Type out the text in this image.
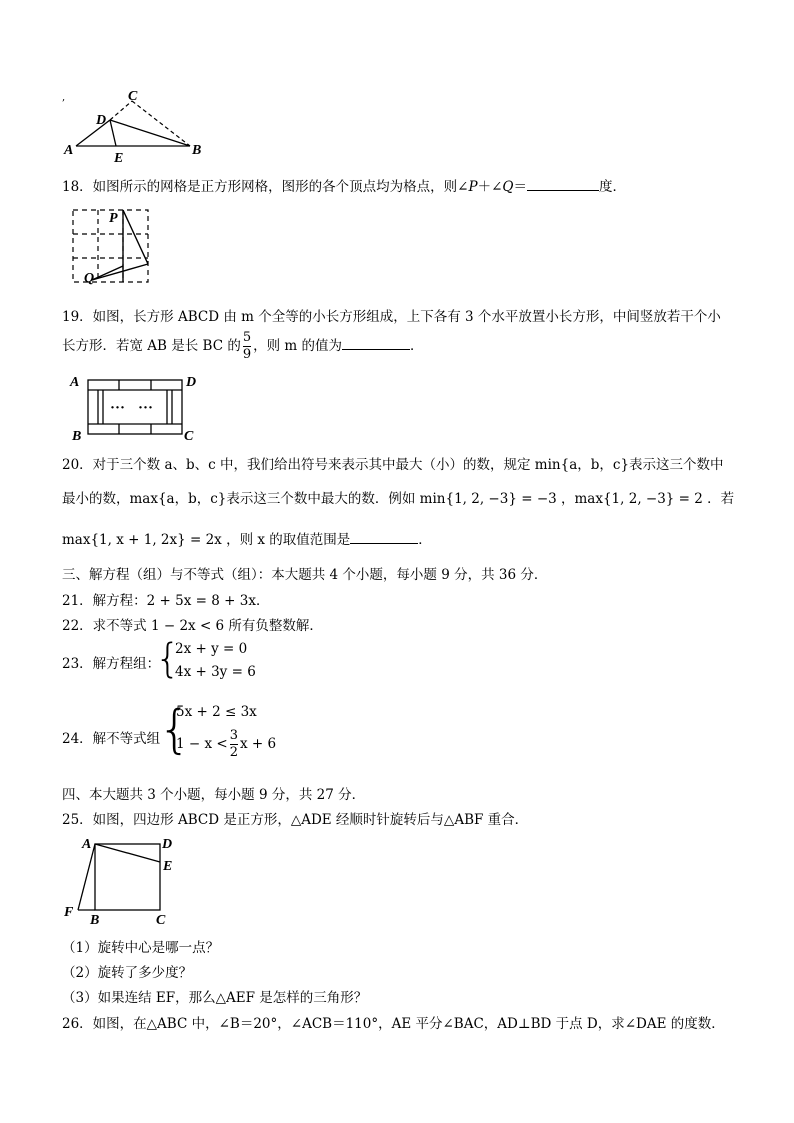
,	C
D
A
E
B
18．如图所示的网格是正方形网格，图形的各个顶点均为格点，则∠P＋∠Q＝	度．
P
Q
19．如图，长方形 ABCD 由 m 个全等的小长方形组成，上下各有 3 个水平放置小长方形，中间竖放若干个小
长方形．若宽 AB 是长 BC 的 $\frac{5}{9}$ ，则 m 的值为	．
··· ···
A	D
B	C
20．对于三个数 a、b、c 中，我们给出符号来表示其中最大（小）的数，规定 min{a，b，c}表示这三个数中
最小的数，max{a，b，c}表示这三个数中最大的数．例如 min{1, 2, −3} = −3 ，max{1, 2, −3} = 2 ．若
max{1, x + 1, 2x} = 2x ，则 x 的取值范围是	．
三、解方程（组）与不等式（组）：本大题共 4 个小题，每小题 9 分，共 36 分．
21．解方程：2 + 5x = 8 + 3x．
22．求不等式 1 − 2x < 6 所有负整数解．
23．解方程组：
{
2x + y = 0
4x + 3y = 6
24．解不等式组
{
5x + 2 ≤ 3x
$1 - x < \frac{3}{2}$ x + 6
四、本大题共 3 个小题，每小题 9 分，共 27 分．
25．如图，四边形 ABCD 是正方形，△ADE 经顺时针旋转后与△ABF 重合．
A	D
E
F
B	C
（1）旋转中心是哪一点？
（2）旋转了多少度？
（3）如果连结 EF，那么△AEF 是怎样的三角形？
26．如图，在△ABC 中，∠B＝20°，∠ACB＝110°，AE 平分∠BAC，AD⊥BD 于点 D，求∠DAE 的度数．
